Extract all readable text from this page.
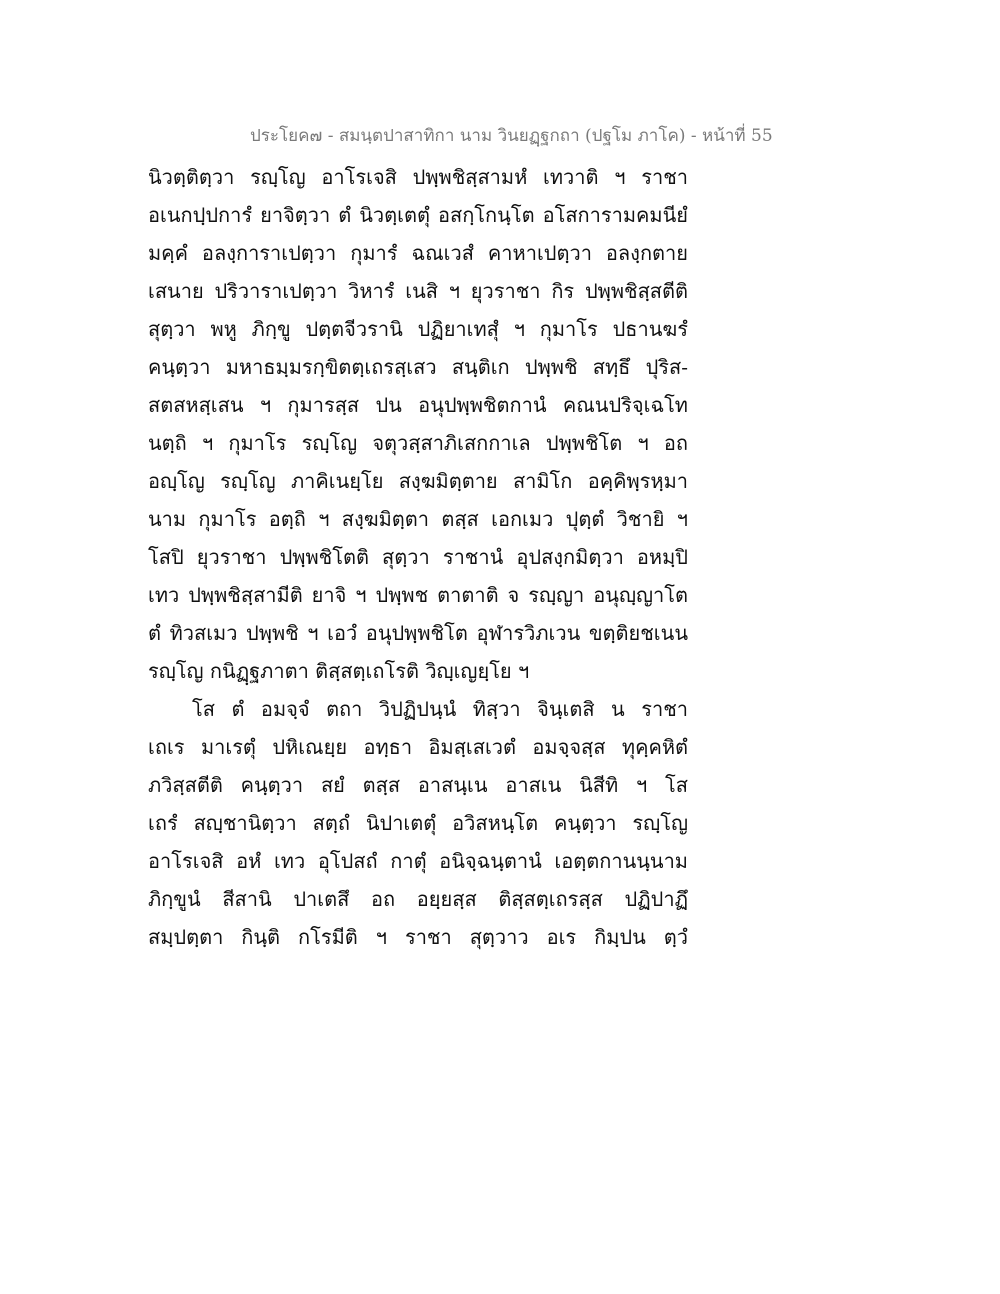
ประโยค๗ - สมนฺตปาสาทิกา นาม วินยฏฺฐกถา (ปฐโม ภาโค) - หน้าที่ 55
นิวตฺติตฺวา รญฺโญ อาโรเจสิ ปพฺพชิสฺสามหํ เทวาติ ฯ ราชา
อเนกปฺปการํ ยาจิตฺวา ตํ นิวตฺเตตุํ อสกฺโกนฺโต อโสการามคมนียํ
มคฺคํ อลงฺการาเปตฺวา กุมารํ ฉณเวสํ คาหาเปตฺวา อลงฺกตาย
เสนาย ปริวาราเปตฺวา วิหารํ เนสิ ฯ ยุวราชา กิร ปพฺพชิสฺสตีติ
สุตฺวา พหู ภิกฺขู ปตฺตจีวรานิ ปฏิยาเทสุํ ฯ กุมาโร ปธานฆรํ
คนฺตฺวา มหาธมฺมรกฺขิตตฺเถรสฺเสว สนฺติเก ปพฺพชิ สทฺธึ ปุริส-
สตสหสฺเสน ฯ กุมารสฺส ปน อนุปพฺพชิตกานํ คณนปริจฺเฉโท
นตฺถิ ฯ กุมาโร รญฺโญ จตุวสฺสาภิเสกกาเล ปพฺพชิโต ฯ อถ
อญฺโญ รญฺโญ ภาคิเนยฺโย สงฺฆมิตฺตาย สามิโก อคฺคิพฺรหฺมา
นาม กุมาโร อตฺถิ ฯ สงฺฆมิตฺตา ตสฺส เอกเมว ปุตฺตํ วิชายิ ฯ
โสปิ ยุวราชา ปพฺพชิโตติ สุตฺวา ราชานํ อุปสงฺกมิตฺวา อหมฺปิ
เทว ปพฺพชิสฺสามีติ ยาจิ ฯ ปพฺพช ตาตาติ จ รญฺญา อนุญฺญาโต
ตํ ทิวสเมว ปพฺพชิ ฯ เอวํ อนุปพฺพชิโต อุฬารวิภเวน ขตฺติยชเนน
รญฺโญ กนิฏฺฐภาตา ติสฺสตฺเถโรติ วิญฺเญยฺโย ฯ
โส ตํ อมจฺจํ ตถา วิปฏิปนฺนํ ทิสฺวา จินฺเตสิ น ราชา
เถเร มาเรตุํ ปหิเณยฺย อทฺธา อิมสฺเสเวตํ อมจฺจสฺส ทุคฺคหิตํ
ภวิสฺสตีติ คนฺตฺวา สยํ ตสฺส อาสนฺเน อาสเน นิสีทิ ฯ โส
เถรํ สญฺชานิตฺวา สตฺถํ นิปาเตตุํ อวิสหนฺโต คนฺตฺวา รญฺโญ
อาโรเจสิ อหํ เทว อุโปสถํ กาตุํ อนิจฺฉนฺตานํ เอตฺตกานนฺนาม
ภิกฺขูนํ สีสานิ ปาเตสึ อถ อยฺยสฺส ติสฺสตฺเถรสฺส ปฏิปาฏึ
สมฺปตฺตา กินฺติ กโรมีติ ฯ ราชา สุตฺวาว อเร กิมฺปน ตฺวํ
